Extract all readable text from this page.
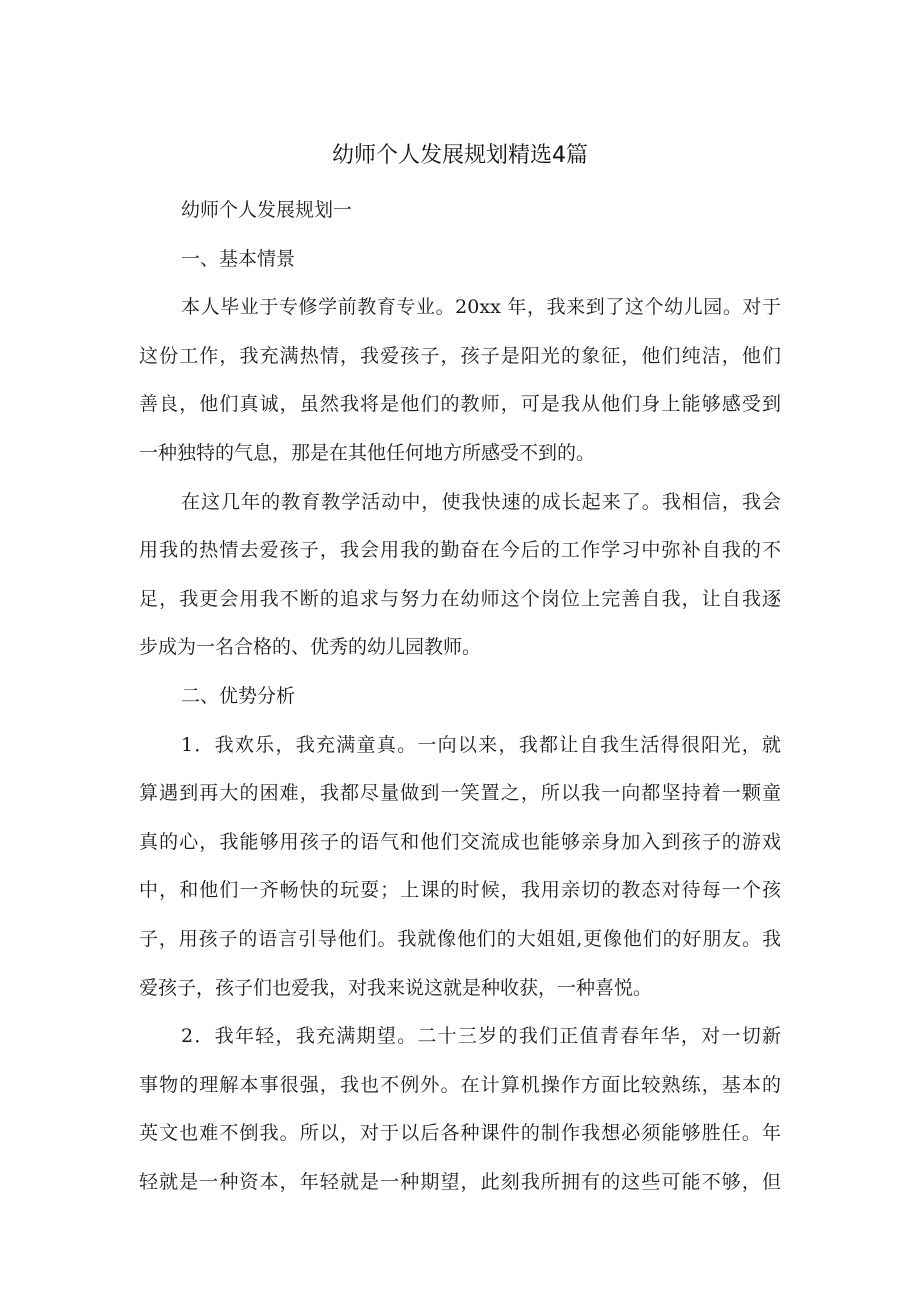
幼师个人发展规划精选4篇
幼师个人发展规划一
一、基本情景
本人毕业于专修学前教育专业。20xx 年，我来到了这个幼儿园。对于
这份工作，我充满热情，我爱孩子，孩子是阳光的象征，他们纯洁，他们
善良，他们真诚，虽然我将是他们的教师，可是我从他们身上能够感受到
一种独特的气息，那是在其他任何地方所感受不到的。
在这几年的教育教学活动中，使我快速的成长起来了。我相信，我会
用我的热情去爱孩子，我会用我的勤奋在今后的工作学习中弥补自我的不
足，我更会用我不断的追求与努力在幼师这个岗位上完善自我，让自我逐
步成为一名合格的、优秀的幼儿园教师。
二、优势分析
1．我欢乐，我充满童真。一向以来，我都让自我生活得很阳光，就
算遇到再大的困难，我都尽量做到一笑置之，所以我一向都坚持着一颗童
真的心，我能够用孩子的语气和他们交流成也能够亲身加入到孩子的游戏
中，和他们一齐畅快的玩耍；上课的时候，我用亲切的教态对待每一个孩
子，用孩子的语言引导他们。我就像他们的大姐姐,更像他们的好朋友。我
爱孩子，孩子们也爱我，对我来说这就是种收获，一种喜悦。
2．我年轻，我充满期望。二十三岁的我们正值青春年华，对一切新
事物的理解本事很强，我也不例外。在计算机操作方面比较熟练，基本的
英文也难不倒我。所以，对于以后各种课件的制作我想必须能够胜任。年
轻就是一种资本，年轻就是一种期望，此刻我所拥有的这些可能不够，但
